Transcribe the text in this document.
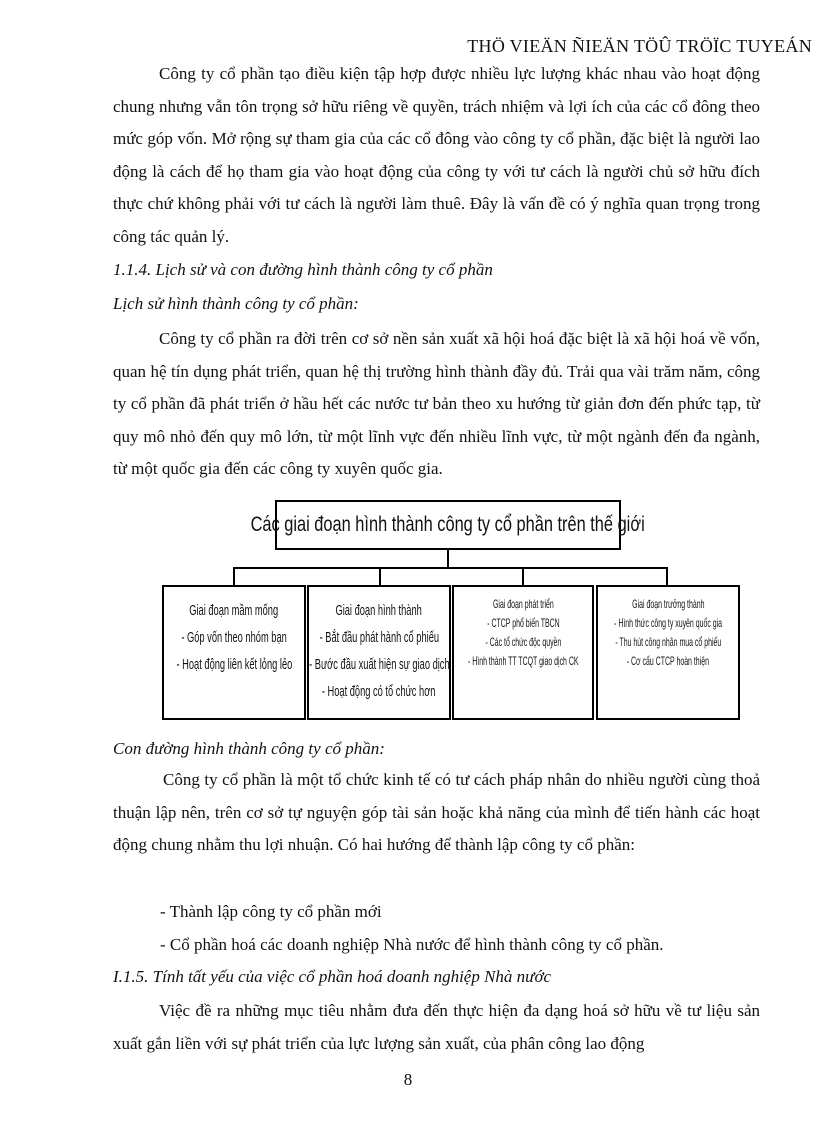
THÖ VIEÄN ÑIEÄN TÖÛ TRÖÏC TUYEÁN

Công ty cổ phần tạo điều kiện tập hợp được nhiều lực lượng khác nhau vào hoạt động chung nhưng vẫn tôn trọng sở hữu riêng về quyền, trách nhiệm và lợi ích của các cổ đông theo mức góp vốn. Mở rộng sự tham gia của các cổ đông vào công ty cổ phần, đặc biệt là người lao động là cách để họ tham gia vào hoạt động của công ty với tư cách là người chủ sở hữu đích thực chứ không phải với tư cách là người làm thuê. Đây là vấn đề có ý nghĩa quan trọng trong công tác quản lý.

1.1.4. Lịch sử và con đường hình thành công ty cổ phần

Lịch sử hình thành công ty cổ phần:

Công ty cổ phần ra đời trên cơ sở nền sản xuất xã hội hoá đặc biệt là xã hội hoá về vốn, quan hệ tín dụng phát triển, quan hệ thị trường hình thành đầy đủ. Trải qua vài trăm năm, công ty cổ phần đã phát triển ở hầu hết các nước tư bản theo xu hướng từ giản đơn đến phức tạp, từ quy mô nhỏ đến quy mô lớn, từ một lĩnh vực đến nhiều lĩnh vực, từ một ngành đến đa ngành, từ một quốc gia đến các công ty xuyên quốc gia.

Các giai đoạn hình thành công ty cổ phần trên thế giới
Giai đoạn mầm mống
- Góp vốn theo nhóm bạn
- Hoạt động liên kết lỏng lẻo
Giai đoạn hình thành
- Bắt đầu phát hành cổ phiếu
- Bước đầu xuất hiện sự giao dịch
- Hoạt động có tổ chức hơn
Giai đoạn phát triển
- CTCP phổ biến TBCN
- Các tổ chức độc quyền
- Hình thành TT TCQT giao dịch CK
Giai đoạn trưởng thành
- Hình thức công ty xuyên quốc gia
- Thu hút công nhân mua cổ phiếu
- Cơ cấu CTCP hoàn thiện

Con đường hình thành công ty cổ phần:

Công ty cổ phần là một tổ chức kinh tế có tư cách pháp nhân do nhiều người cùng thoả thuận lập nên, trên cơ sở tự nguyện góp tài sản hoặc khả năng của mình để tiến hành các hoạt động chung nhằm thu lợi nhuận. Có hai hướng để thành lập công ty cổ phần:

- Thành lập công ty cổ phần mới

- Cổ phần hoá các doanh nghiệp Nhà nước để hình thành công ty cổ phần.

I.1.5. Tính tất yếu của việc cổ phần hoá doanh nghiệp Nhà nước

Việc đề ra những mục tiêu nhằm đưa đến thực hiện đa dạng hoá sở hữu về tư liệu sản xuất gắn liền với sự phát triển của lực lượng sản xuất, của phân công lao động

8
